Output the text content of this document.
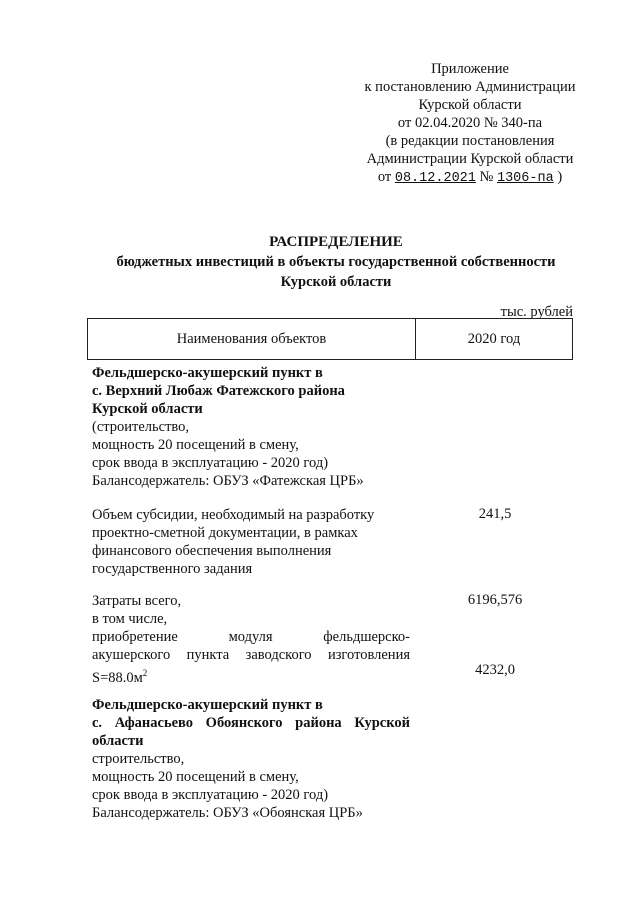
Приложение
к постановлению Администрации
Курской области
от 02.04.2020 № 340-па
(в редакции постановления
Администрации Курской области
от 08.12.2021 № 1306-па )
РАСПРЕДЕЛЕНИЕ
бюджетных инвестиций в объекты государственной собственности
Курской области
тыс. рублей
Наименования объектов	2020 год
Фельдшерско-акушерский пункт в
с. Верхний Любаж Фатежского района
Курской области
(строительство,
мощность 20 посещений в смену,
срок ввода в эксплуатацию - 2020 год)
Балансодержатель: ОБУЗ «Фатежская ЦРБ»
Объем субсидии, необходимый на разработку
проектно-сметной документации, в рамках
финансового обеспечения выполнения
государственного задания
241,5
Затраты всего,
в том числе,
приобретение модуля фельдшерско-
акушерского пункта заводского изготовления
$S=88.0м^2$
6196,576
4232,0
Фельдшерско-акушерский пункт в
с. Афанасьево Обоянского района Курской
области
строительство,
мощность 20 посещений в смену,
срок ввода в эксплуатацию - 2020 год)
Балансодержатель: ОБУЗ «Обоянская ЦРБ»
